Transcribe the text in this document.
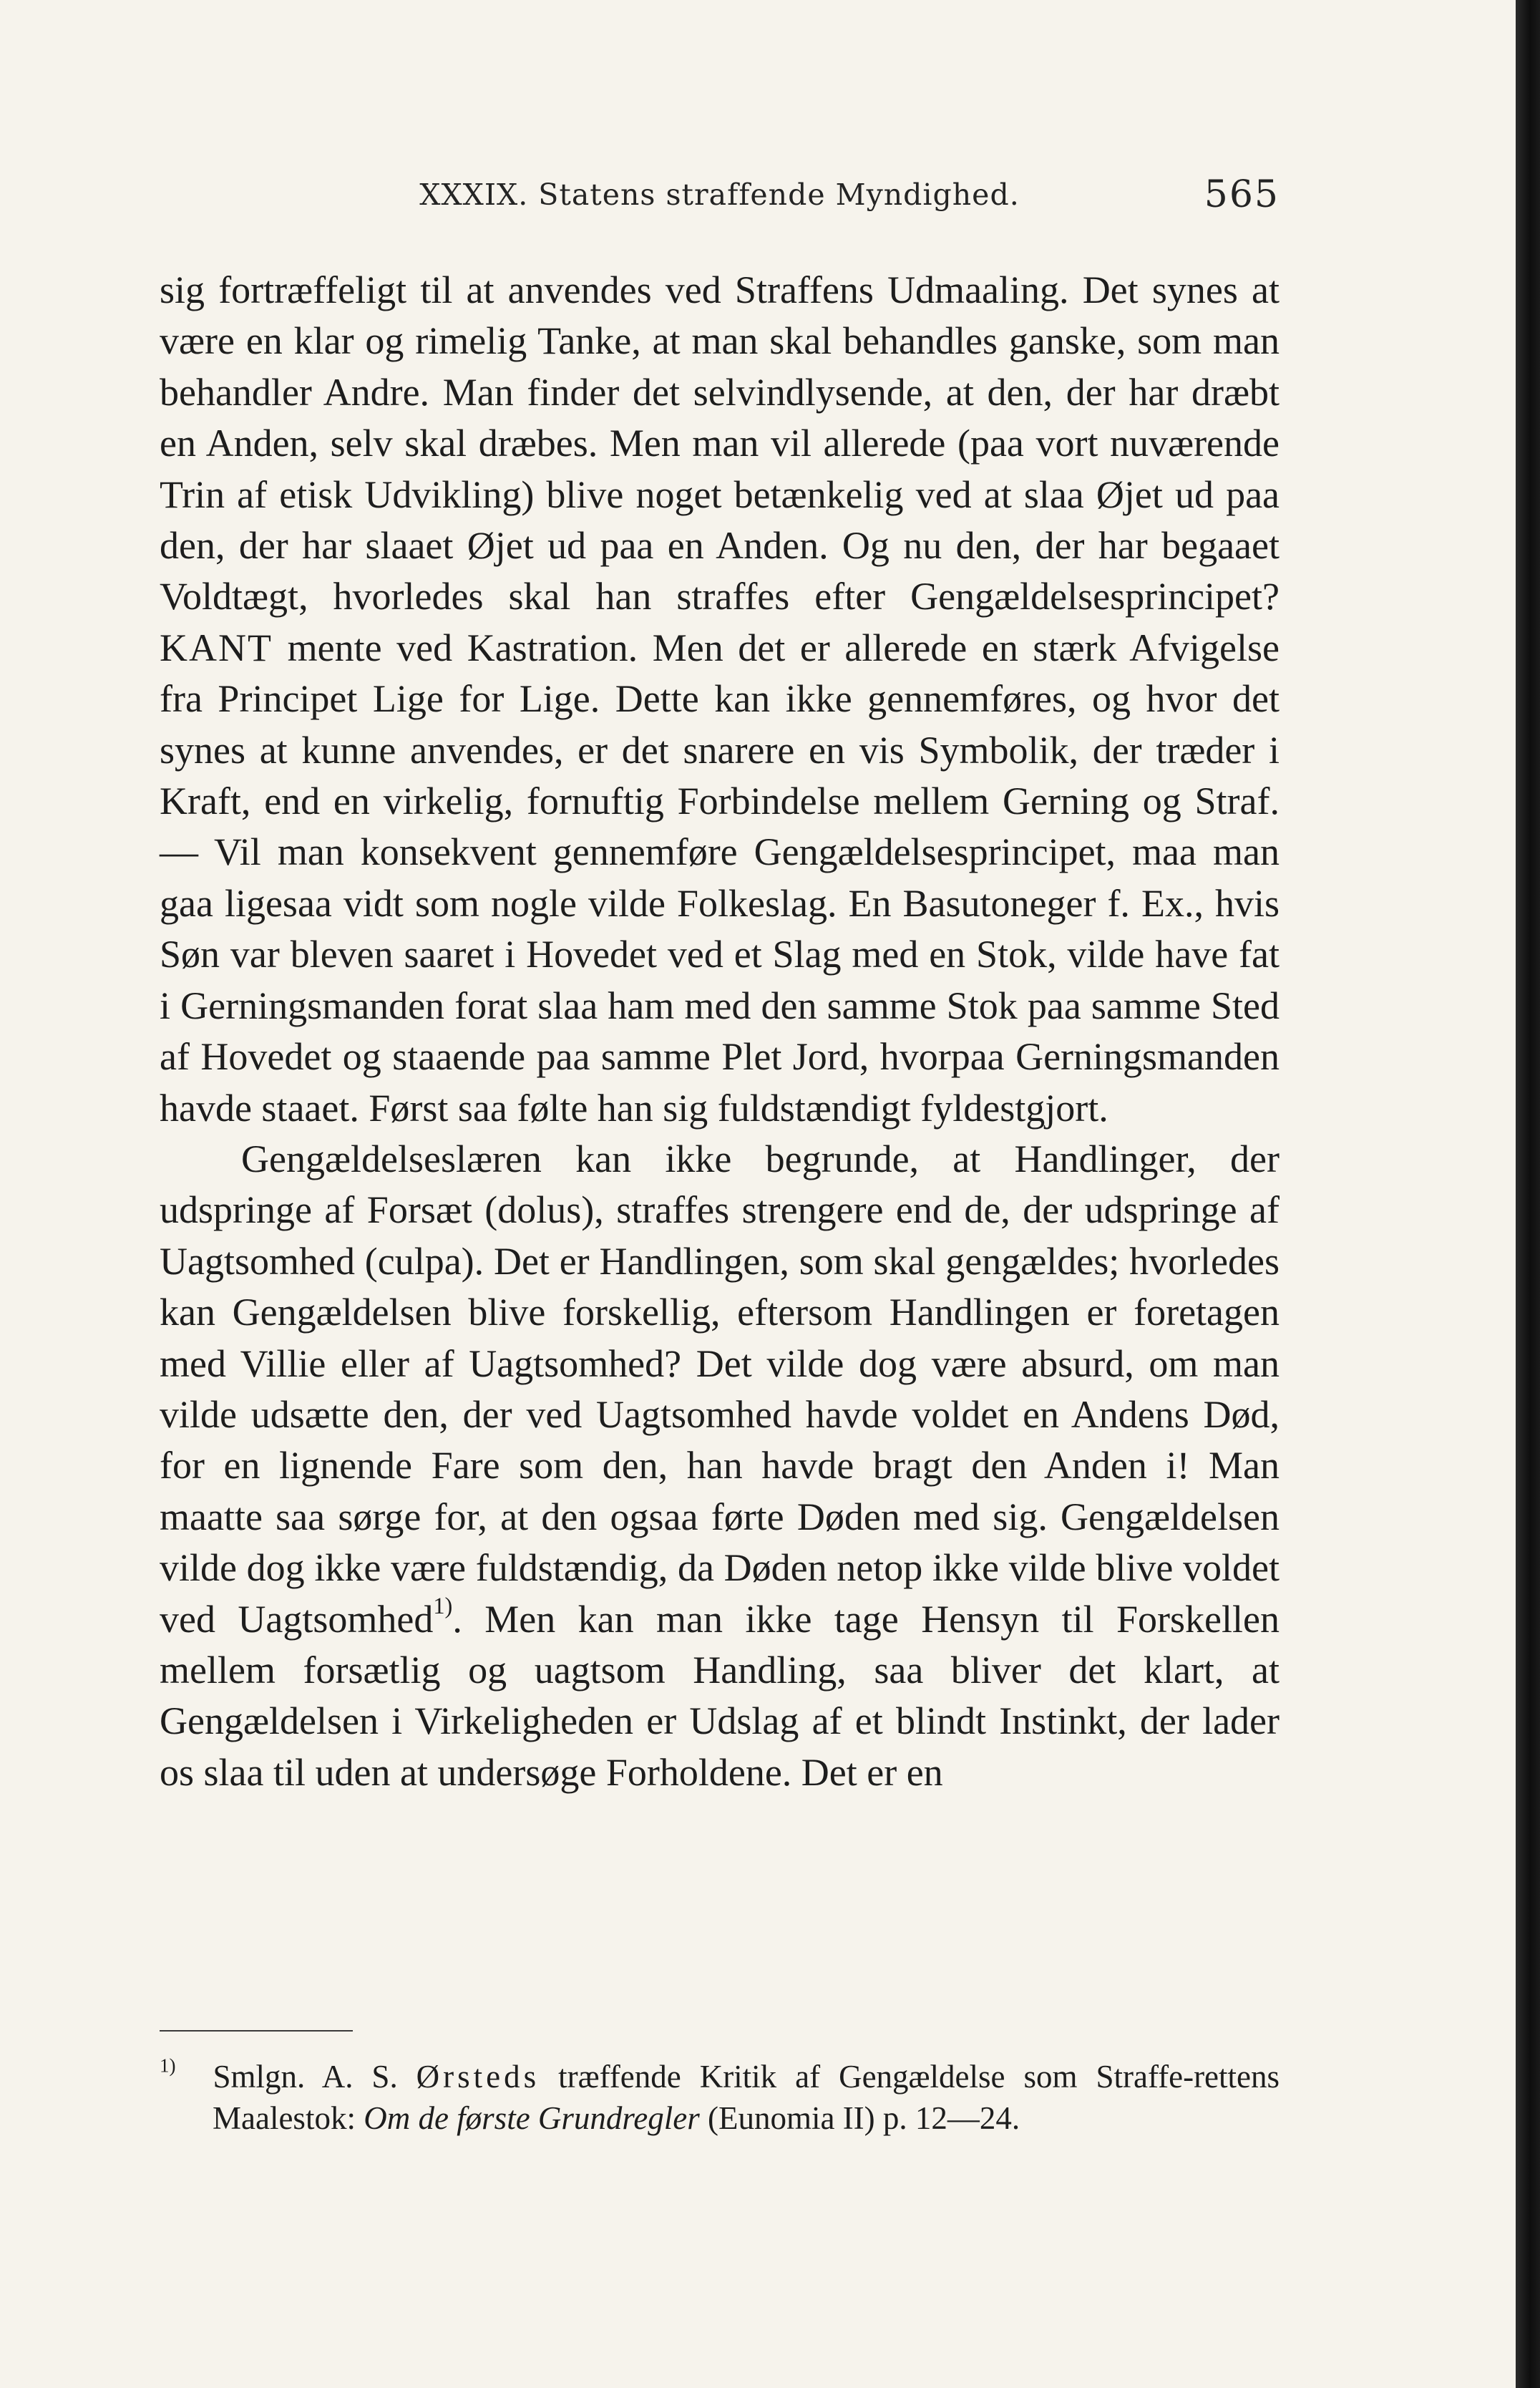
XXXIX. Statens straffende Myndighed.	565

sig fortræffeligt til at anvendes ved Straffens Udmaaling. Det synes at være en klar og rimelig Tanke, at man skal behandles ganske, som man behandler Andre. Man finder det selvindlysende, at den, der har dræbt en Anden, selv skal dræbes. Men man vil allerede (paa vort nuværende Trin af etisk Udvikling) blive noget betænkelig ved at slaa Øjet ud paa den, der har slaaet Øjet ud paa en Anden. Og nu den, der har begaaet Voldtægt, hvorledes skal han straffes efter Gengældelsesprincipet? KANT mente ved Kastration. Men det er allerede en stærk Afvigelse fra Principet Lige for Lige. Dette kan ikke gennemføres, og hvor det synes at kunne anvendes, er det snarere en vis Symbolik, der træder i Kraft, end en virkelig, fornuftig Forbindelse mellem Gerning og Straf. — Vil man konsekvent gennemføre Gengældelsesprincipet, maa man gaa ligesaa vidt som nogle vilde Folkeslag. En Basutoneger f. Ex., hvis Søn var bleven saaret i Hovedet ved et Slag med en Stok, vilde have fat i Gerningsmanden forat slaa ham med den samme Stok paa samme Sted af Hovedet og staaende paa samme Plet Jord, hvorpaa Gerningsmanden havde staaet. Først saa følte han sig fuldstændigt fyldestgjort.

Gengældelseslæren kan ikke begrunde, at Handlinger, der udspringe af Forsæt (dolus), straffes strengere end de, der udspringe af Uagtsomhed (culpa). Det er Handlingen, som skal gengældes; hvorledes kan Gengældelsen blive forskellig, eftersom Handlingen er foretagen med Villie eller af Uagtsomhed? Det vilde dog være absurd, om man vilde udsætte den, der ved Uagtsomhed havde voldet en Andens Død, for en lignende Fare som den, han havde bragt den Anden i! Man maatte saa sørge for, at den ogsaa førte Døden med sig. Gengældelsen vilde dog ikke være fuldstændig, da Døden netop ikke vilde blive voldet ved Uagtsomhed$^{1)}$. Men kan man ikke tage Hensyn til Forskellen mellem forsætlig og uagtsom Handling, saa bliver det klart, at Gengældelsen i Virkeligheden er Udslag af et blindt Instinkt, der lader os slaa til uden at undersøge Forholdene. Det er en

$^{1)}$ Smlgn. A. S. Ørsteds træffende Kritik af Gengældelse som Straffe-rettens Maalestok: Om de første Grundregler (Eunomia II) p. 12—24.
